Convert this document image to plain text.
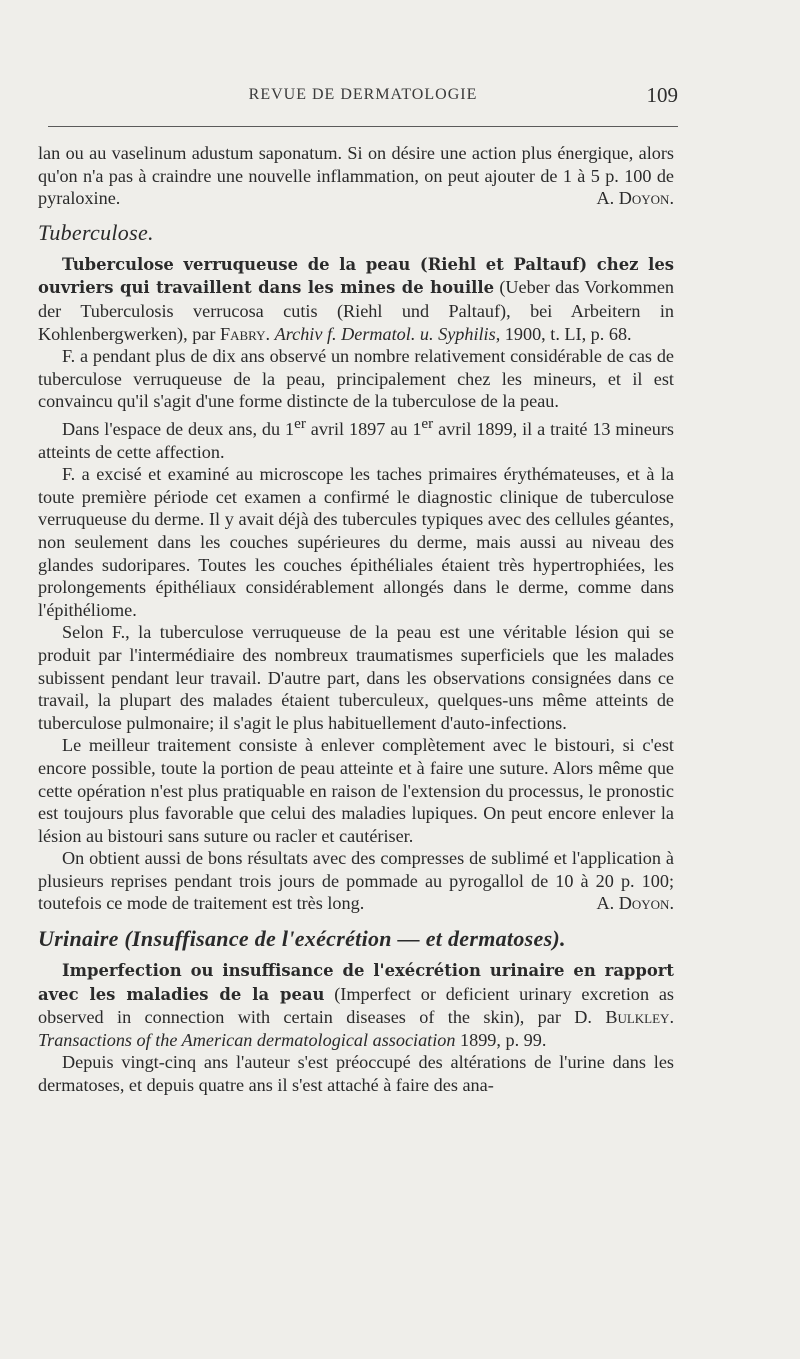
REVUE DE DERMATOLOGIE	109

lan ou au vaselinum adustum saponatum. Si on désire une action plus énergique, alors qu'on n'a pas à craindre une nouvelle inflammation, on peut ajouter de 1 à 5 p. 100 de pyraloxine.	A. Doyon.

Tuberculose.

Tuberculose verruqueuse de la peau (Riehl et Paltauf) chez les ouvriers qui travaillent dans les mines de houille (Ueber das Vorkommen der Tuberculosis verrucosa cutis (Riehl und Paltauf), bei Arbeitern in Kohlenbergwerken), par Fabry. Archiv f. Dermatol. u. Syphilis, 1900, t. LI, p. 68.

F. a pendant plus de dix ans observé un nombre relativement considérable de cas de tuberculose verruqueuse de la peau, principalement chez les mineurs, et il est convaincu qu'il s'agit d'une forme distincte de la tuberculose de la peau.

Dans l'espace de deux ans, du 1er avril 1897 au 1er avril 1899, il a traité 13 mineurs atteints de cette affection.

F. a excisé et examiné au microscope les taches primaires érythémateuses, et à la toute première période cet examen a confirmé le diagnostic clinique de tuberculose verruqueuse du derme. Il y avait déjà des tubercules typiques avec des cellules géantes, non seulement dans les couches supérieures du derme, mais aussi au niveau des glandes sudoripares. Toutes les couches épithéliales étaient très hypertrophiées, les prolongements épithéliaux considérablement allongés dans le derme, comme dans l'épithéliome.

Selon F., la tuberculose verruqueuse de la peau est une véritable lésion qui se produit par l'intermédiaire des nombreux traumatismes superficiels que les malades subissent pendant leur travail. D'autre part, dans les observations consignées dans ce travail, la plupart des malades étaient tuberculeux, quelques-uns même atteints de tuberculose pulmonaire; il s'agit le plus habituellement d'auto-infections.

Le meilleur traitement consiste à enlever complètement avec le bistouri, si c'est encore possible, toute la portion de peau atteinte et à faire une suture. Alors même que cette opération n'est plus pratiquable en raison de l'extension du processus, le pronostic est toujours plus favorable que celui des maladies lupiques. On peut encore enlever la lésion au bistouri sans suture ou racler et cautériser.

On obtient aussi de bons résultats avec des compresses de sublimé et l'application à plusieurs reprises pendant trois jours de pommade au pyrogallol de 10 à 20 p. 100; toutefois ce mode de traitement est très long.	A. Doyon.

Urinaire (Insuffisance de l'exécrétion — et dermatoses).

Imperfection ou insuffisance de l'exécrétion urinaire en rapport avec les maladies de la peau (Imperfect or deficient urinary excretion as observed in connection with certain diseases of the skin), par D. Bulkley. Transactions of the American dermatological association 1899, p. 99.

Depuis vingt-cinq ans l'auteur s'est préoccupé des altérations de l'urine dans les dermatoses, et depuis quatre ans il s'est attaché à faire des ana-
